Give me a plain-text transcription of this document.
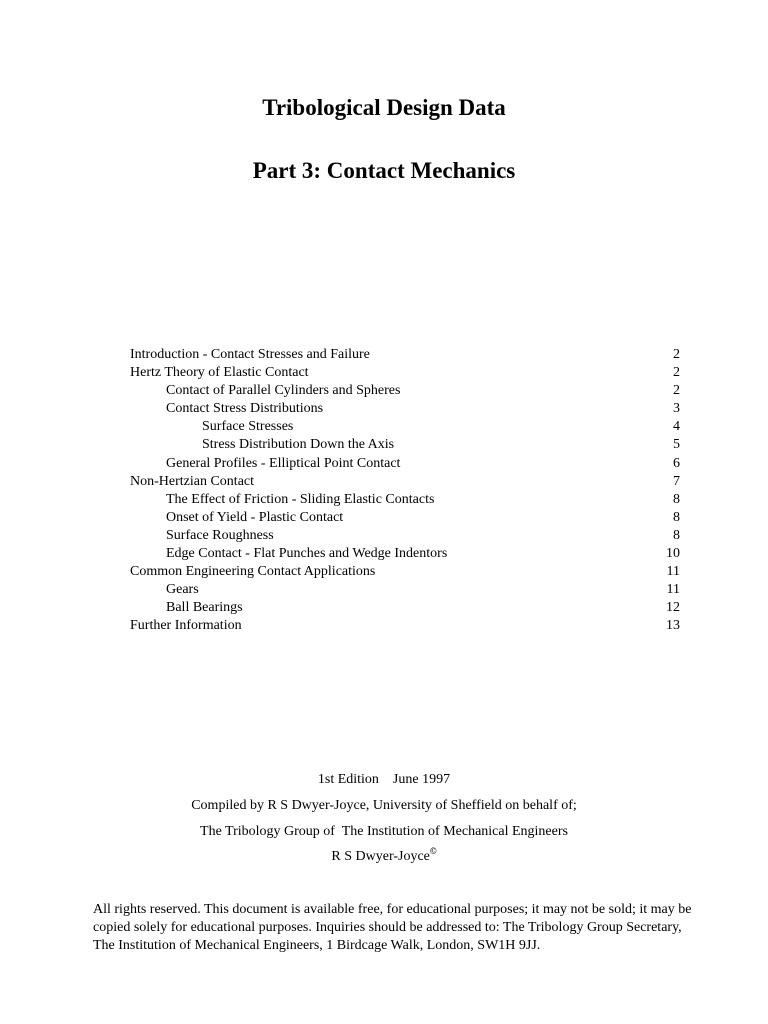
Tribological Design Data
Part 3: Contact Mechanics
Introduction - Contact Stresses and Failure	2
Hertz Theory of Elastic Contact	2
Contact of Parallel Cylinders and Spheres	2
Contact Stress Distributions	3
Surface Stresses	4
Stress Distribution Down the Axis	5
General Profiles - Elliptical Point Contact	6
Non-Hertzian Contact	7
The Effect of Friction - Sliding Elastic Contacts	8
Onset of Yield - Plastic Contact	8
Surface Roughness	8
Edge Contact - Flat Punches and Wedge Indentors	10
Common Engineering Contact Applications	11
Gears	11
Ball Bearings	12
Further Information	13
1st Edition    June 1997
Compiled by R S Dwyer-Joyce, University of Sheffield on behalf of;
The Tribology Group of  The Institution of Mechanical Engineers
R S Dwyer-Joyce©
All rights reserved. This document is available free, for educational purposes; it may not be sold; it may be copied solely for educational purposes. Inquiries should be addressed to: The Tribology Group Secretary, The Institution of Mechanical Engineers, 1 Birdcage Walk, London, SW1H 9JJ.
